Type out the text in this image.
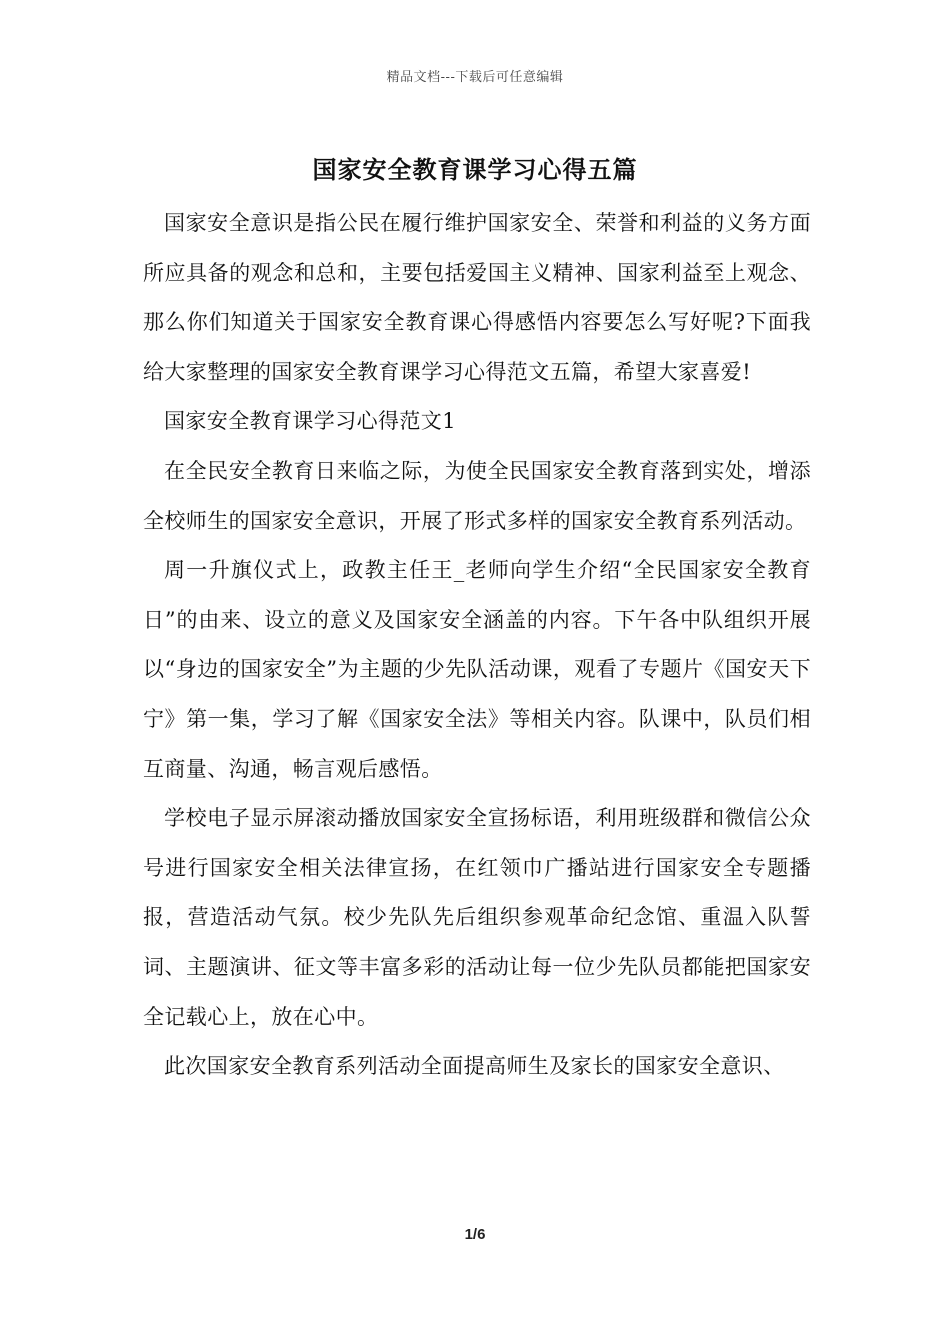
精品文档---下载后可任意编辑
国家安全教育课学习心得五篇

国家安全意识是指公民在履行维护国家安全、荣誉和利益的义务方面所应具备的观念和总和，主要包括爱国主义精神、国家利益至上观念、那么你们知道关于国家安全教育课心得感悟内容要怎么写好呢?下面我给大家整理的国家安全教育课学习心得范文五篇，希望大家喜爱!

国家安全教育课学习心得范文1

在全民安全教育日来临之际，为使全民国家安全教育落到实处，增添全校师生的国家安全意识，开展了形式多样的国家安全教育系列活动。

周一升旗仪式上，政教主任王_老师向学生介绍“全民国家安全教育日”的由来、设立的意义及国家安全涵盖的内容。下午各中队组织开展以“身边的国家安全”为主题的少先队活动课，观看了专题片《国安天下宁》第一集，学习了解《国家安全法》等相关内容。队课中，队员们相互商量、沟通，畅言观后感悟。

学校电子显示屏滚动播放国家安全宣扬标语，利用班级群和微信公众号进行国家安全相关法律宣扬，在红领巾广播站进行国家安全专题播报，营造活动气氛。校少先队先后组织参观革命纪念馆、重温入队誓词、主题演讲、征文等丰富多彩的活动让每一位少先队员都能把国家安全记载心上，放在心中。

此次国家安全教育系列活动全面提高师生及家长的国家安全意识、

1/6
